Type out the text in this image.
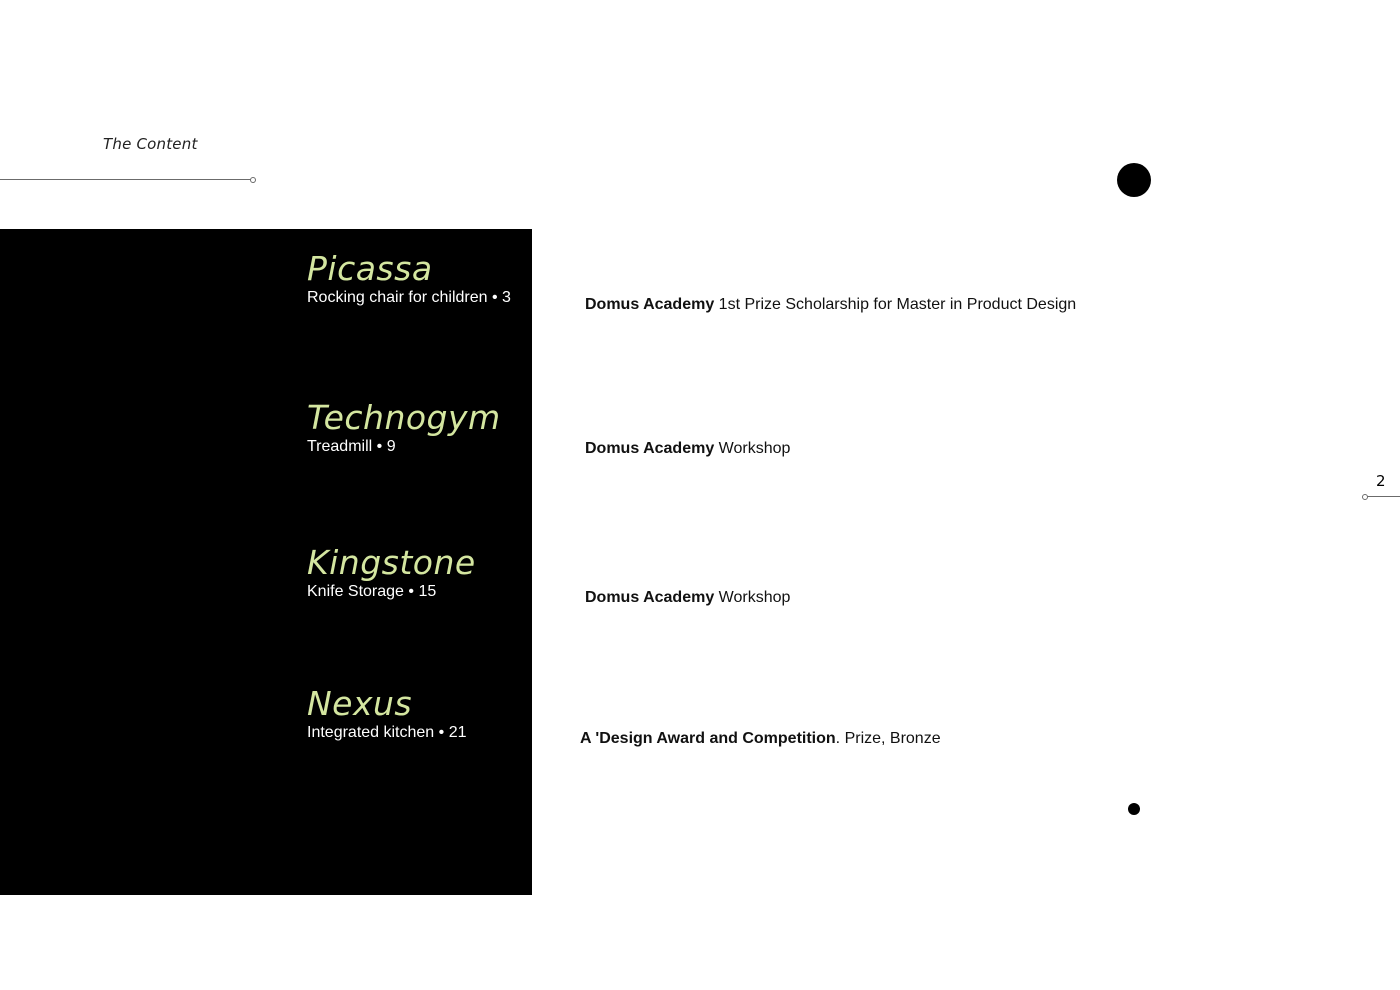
The Content
Picassa
Rocking chair for children • 3
Technogym
Treadmill • 9
Kingstone
Knife Storage • 15
Nexus
Integrated kitchen • 21
Domus Academy 1st Prize Scholarship for Master in Product Design
Domus Academy Workshop
Domus Academy Workshop
A 'Design Award and Competition. Prize, Bronze
2
